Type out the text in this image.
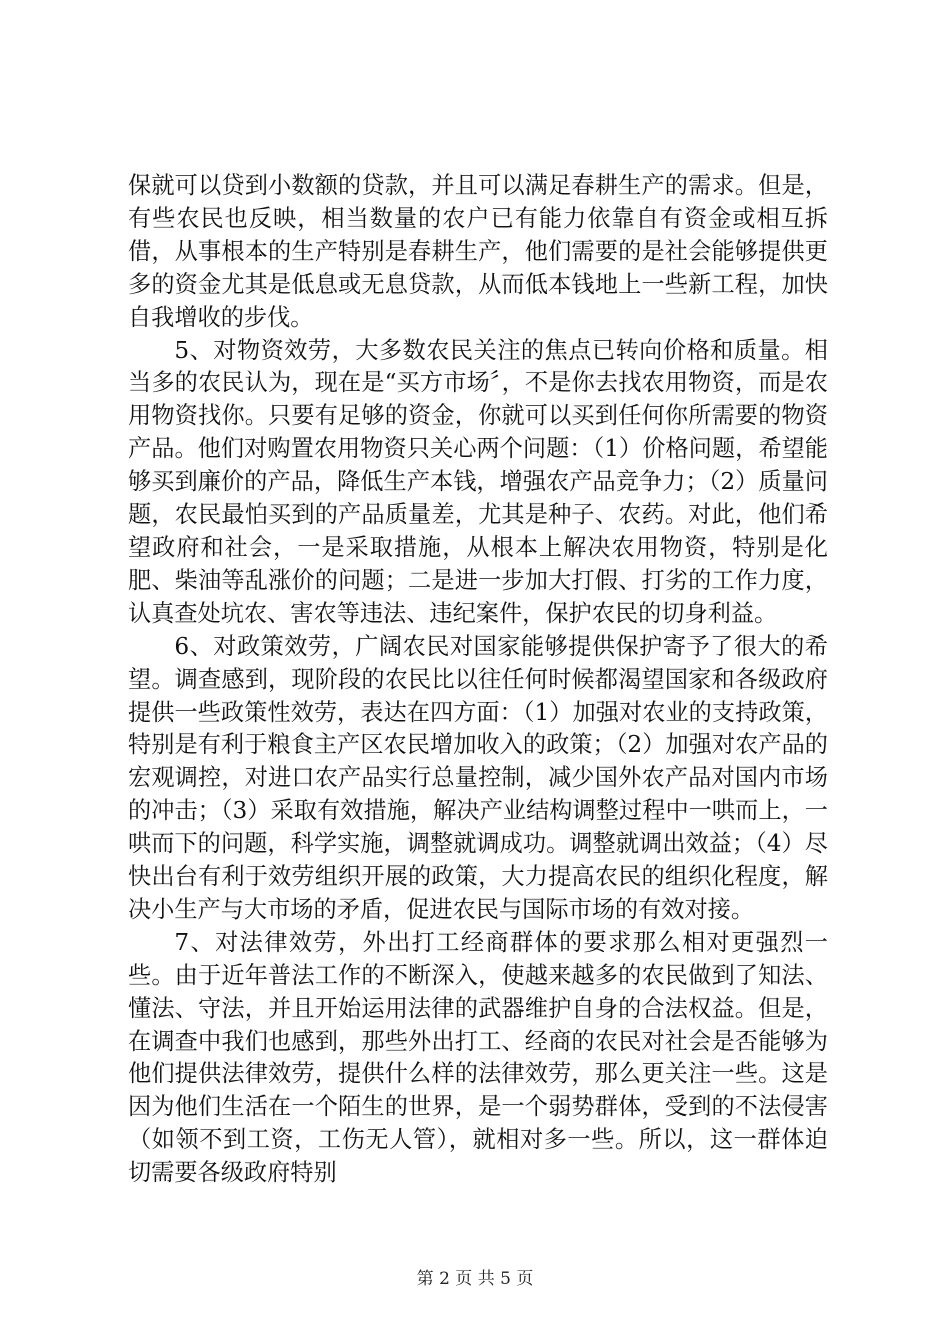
保就可以贷到小数额的贷款，并且可以满足春耕生产的需求。但是，有些农民也反映，相当数量的农户已有能力依靠自有资金或相互拆借，从事根本的生产特别是春耕生产，他们需要的是社会能够提供更多的资金尤其是低息或无息贷款，从而低本钱地上一些新工程，加快自我增收的步伐。

5、对物资效劳，大多数农民关注的焦点已转向价格和质量。相当多的农民认为，现在是“买方市场〞，不是你去找农用物资，而是农用物资找你。只要有足够的资金，你就可以买到任何你所需要的物资产品。他们对购置农用物资只关心两个问题：（1）价格问题，希望能够买到廉价的产品，降低生产本钱，增强农产品竞争力；（2）质量问题，农民最怕买到的产品质量差，尤其是种子、农药。对此，他们希望政府和社会，一是采取措施，从根本上解决农用物资，特别是化肥、柴油等乱涨价的问题；二是进一步加大打假、打劣的工作力度，认真查处坑农、害农等违法、违纪案件，保护农民的切身利益。

6、对政策效劳，广阔农民对国家能够提供保护寄予了很大的希望。调查感到，现阶段的农民比以往任何时候都渴望国家和各级政府提供一些政策性效劳，表达在四方面：（1）加强对农业的支持政策，特别是有利于粮食主产区农民增加收入的政策；（2）加强对农产品的宏观调控，对进口农产品实行总量控制，减少国外农产品对国内市场的冲击；（3）采取有效措施，解决产业结构调整过程中一哄而上，一哄而下的问题，科学实施，调整就调成功。调整就调出效益；（4）尽快出台有利于效劳组织开展的政策，大力提高农民的组织化程度，解决小生产与大市场的矛盾，促进农民与国际市场的有效对接。

7、对法律效劳，外出打工经商群体的要求那么相对更强烈一些。由于近年普法工作的不断深入，使越来越多的农民做到了知法、懂法、守法，并且开始运用法律的武器维护自身的合法权益。但是，在调查中我们也感到，那些外出打工、经商的农民对社会是否能够为他们提供法律效劳，提供什么样的法律效劳，那么更关注一些。这是因为他们生活在一个陌生的世界，是一个弱势群体，受到的不法侵害（如领不到工资，工伤无人管），就相对多一些。所以，这一群体迫切需要各级政府特别

第 2 页 共 5 页
